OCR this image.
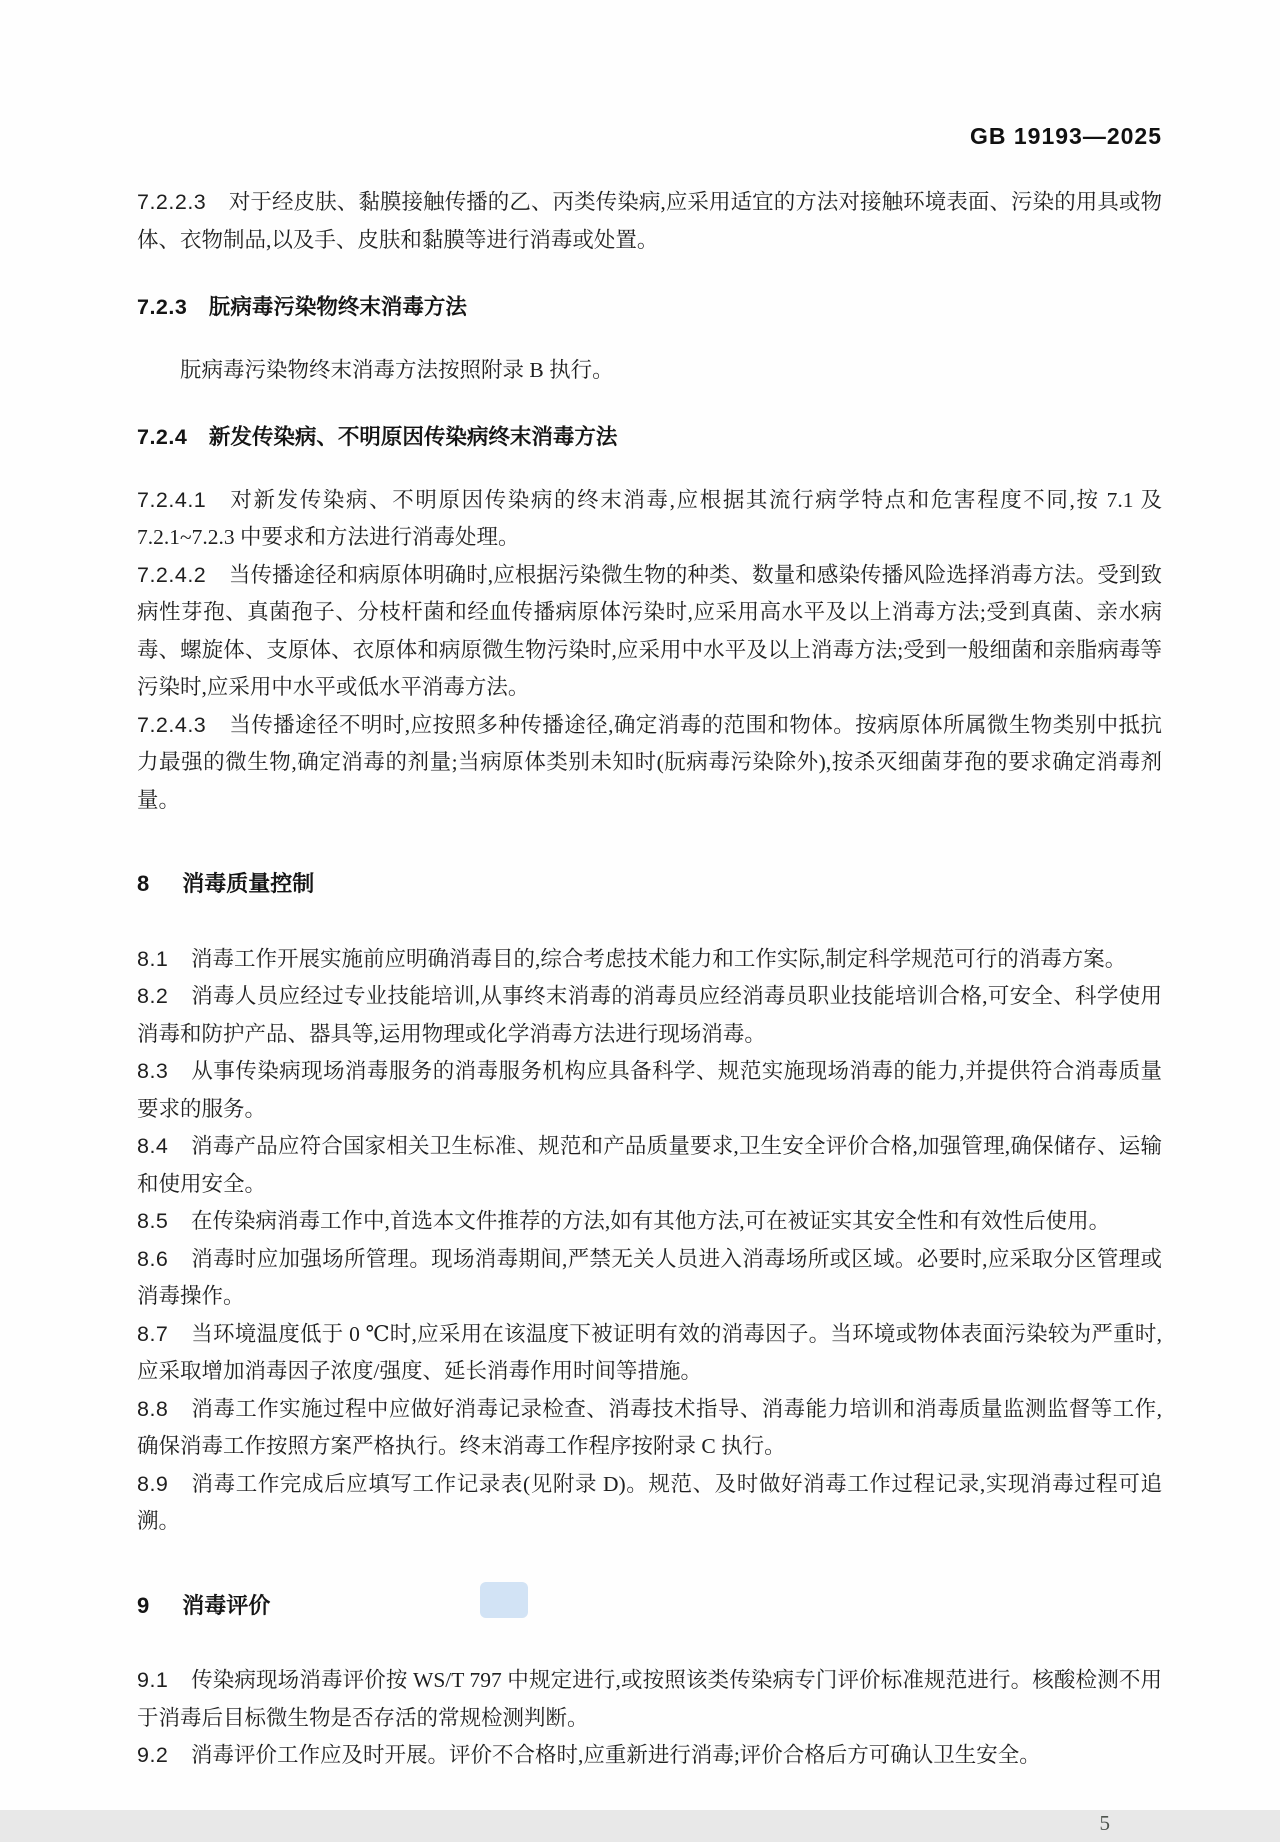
GB 19193—2025

7.2.2.3 对于经皮肤、黏膜接触传播的乙、丙类传染病,应采用适宜的方法对接触环境表面、污染的用具或物体、衣物制品,以及手、皮肤和黏膜等进行消毒或处置。

7.2.3 朊病毒污染物终末消毒方法

朊病毒污染物终末消毒方法按照附录 B 执行。

7.2.4 新发传染病、不明原因传染病终末消毒方法

7.2.4.1 对新发传染病、不明原因传染病的终末消毒,应根据其流行病学特点和危害程度不同,按 7.1 及 7.2.1~7.2.3 中要求和方法进行消毒处理。

7.2.4.2 当传播途径和病原体明确时,应根据污染微生物的种类、数量和感染传播风险选择消毒方法。受到致病性芽孢、真菌孢子、分枝杆菌和经血传播病原体污染时,应采用高水平及以上消毒方法;受到真菌、亲水病毒、螺旋体、支原体、衣原体和病原微生物污染时,应采用中水平及以上消毒方法;受到一般细菌和亲脂病毒等污染时,应采用中水平或低水平消毒方法。

7.2.4.3 当传播途径不明时,应按照多种传播途径,确定消毒的范围和物体。按病原体所属微生物类别中抵抗力最强的微生物,确定消毒的剂量;当病原体类别未知时(朊病毒污染除外),按杀灭细菌芽孢的要求确定消毒剂量。

8 消毒质量控制

8.1 消毒工作开展实施前应明确消毒目的,综合考虑技术能力和工作实际,制定科学规范可行的消毒方案。

8.2 消毒人员应经过专业技能培训,从事终末消毒的消毒员应经消毒员职业技能培训合格,可安全、科学使用消毒和防护产品、器具等,运用物理或化学消毒方法进行现场消毒。

8.3 从事传染病现场消毒服务的消毒服务机构应具备科学、规范实施现场消毒的能力,并提供符合消毒质量要求的服务。

8.4 消毒产品应符合国家相关卫生标准、规范和产品质量要求,卫生安全评价合格,加强管理,确保储存、运输和使用安全。

8.5 在传染病消毒工作中,首选本文件推荐的方法,如有其他方法,可在被证实其安全性和有效性后使用。

8.6 消毒时应加强场所管理。现场消毒期间,严禁无关人员进入消毒场所或区域。必要时,应采取分区管理或消毒操作。

8.7 当环境温度低于 0 ℃时,应采用在该温度下被证明有效的消毒因子。当环境或物体表面污染较为严重时,应采取增加消毒因子浓度/强度、延长消毒作用时间等措施。

8.8 消毒工作实施过程中应做好消毒记录检查、消毒技术指导、消毒能力培训和消毒质量监测监督等工作,确保消毒工作按照方案严格执行。终末消毒工作程序按附录 C 执行。

8.9 消毒工作完成后应填写工作记录表(见附录 D)。规范、及时做好消毒工作过程记录,实现消毒过程可追溯。

9 消毒评价

9.1 传染病现场消毒评价按 WS/T 797 中规定进行,或按照该类传染病专门评价标准规范进行。核酸检测不用于消毒后目标微生物是否存活的常规检测判断。

9.2 消毒评价工作应及时开展。评价不合格时,应重新进行消毒;评价合格后方可确认卫生安全。

5
